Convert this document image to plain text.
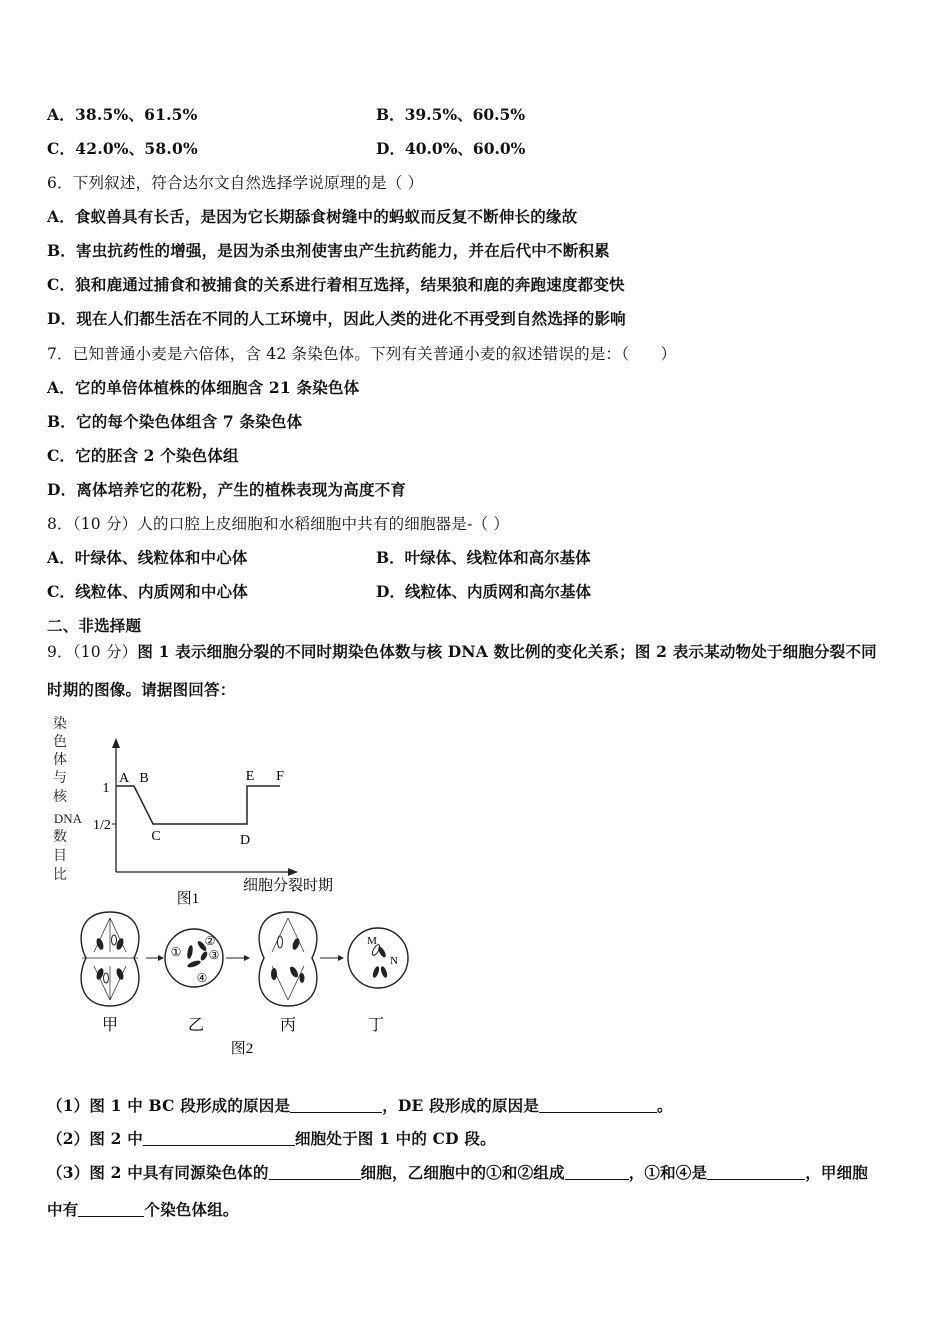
A．38.5%、61.5%	B．39.5%、60.5%
C．42.0%、58.0%	D．40.0%、60.0%
6．下列叙述，符合达尔文自然选择学说原理的是（ ）
A．食蚁兽具有长舌，是因为它长期舔食树缝中的蚂蚁而反复不断伸长的缘故
B．害虫抗药性的增强，是因为杀虫剂使害虫产生抗药能力，并在后代中不断积累
C．狼和鹿通过捕食和被捕食的关系进行着相互选择，结果狼和鹿的奔跑速度都变快
D．现在人们都生活在不同的人工环境中，因此人类的进化不再受到自然选择的影响
7．已知普通小麦是六倍体，含 42 条染色体。下列有关普通小麦的叙述错误的是：（　　）
A．它的单倍体植株的体细胞含 21 条染色体
B．它的每个染色体组含 7 条染色体
C．它的胚含 2 个染色体组
D．离体培养它的花粉，产生的植株表现为高度不育
8．（10 分）人的口腔上皮细胞和水稻细胞中共有的细胞器是-（ ）
A．叶绿体、线粒体和中心体	B．叶绿体、线粒体和高尔基体
C．线粒体、内质网和中心体	D．线粒体、内质网和高尔基体
二、非选择题
9．（10 分）图 1 表示细胞分裂的不同时期染色体数与核 DNA 数比例的变化关系；图 2 表示某动物处于细胞分裂不同
时期的图像。请据图回答：
染
色
体
与
核
DNA
数
目
比
1
1/2
A B
C	D
E F
细胞分裂时期
图1
①
②
③
④
M
N
甲	乙	丙	丁
图2
（1）图 1 中 BC 段形成的原因是	，DE 段形成的原因是	。
（2）图 2 中	细胞处于图 1 中的 CD 段。
（3）图 2 中具有同源染色体的	细胞，乙细胞中的①和②组成	，①和④是	，甲细胞
中有	个染色体组。
